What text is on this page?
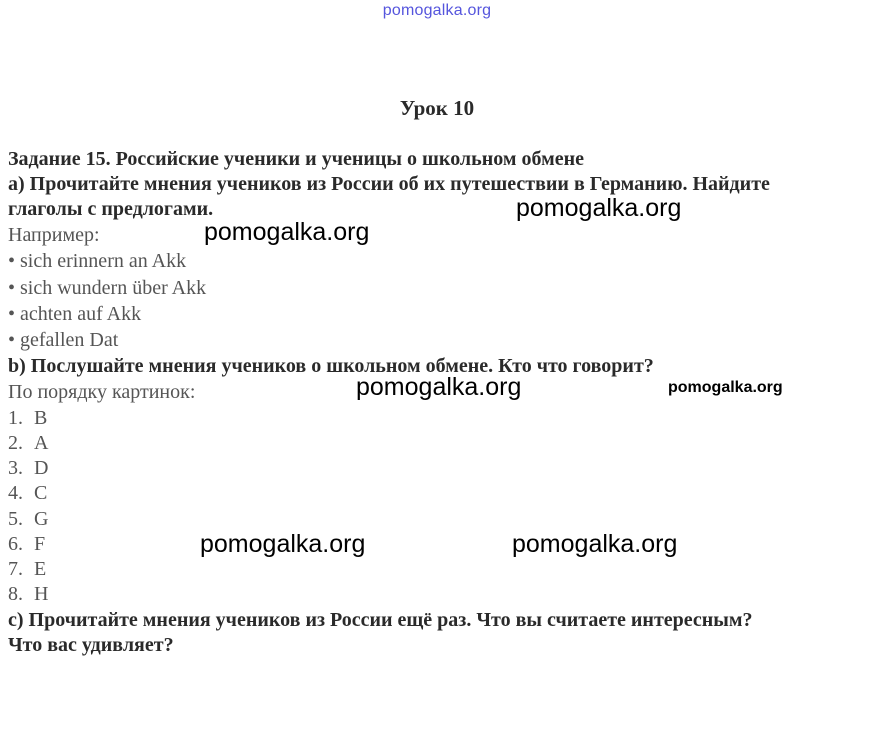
pomogalka.org
Урок 10
Задание 15. Российские ученики и ученицы о школьном обмене
а) Прочитайте мнения учеников из России об их путешествии в Германию. Найдите
глаголы с предлогами.
Например:
• sich erinnern an Akk
• sich wundern über Akk
• achten auf Akk
• gefallen Dat
b) Послушайте мнения учеников о школьном обмене. Кто что говорит?
По порядку картинок:
1. B
2. A
3. D
4. C
5. G
6. F
7. E
8. H
c) Прочитайте мнения учеников из России ещё раз. Что вы считаете интересным?
Что вас удивляет?
pomogalka.org
pomogalka.org
pomogalka.org	pomogalka.org
pomogalka.org	pomogalka.org
